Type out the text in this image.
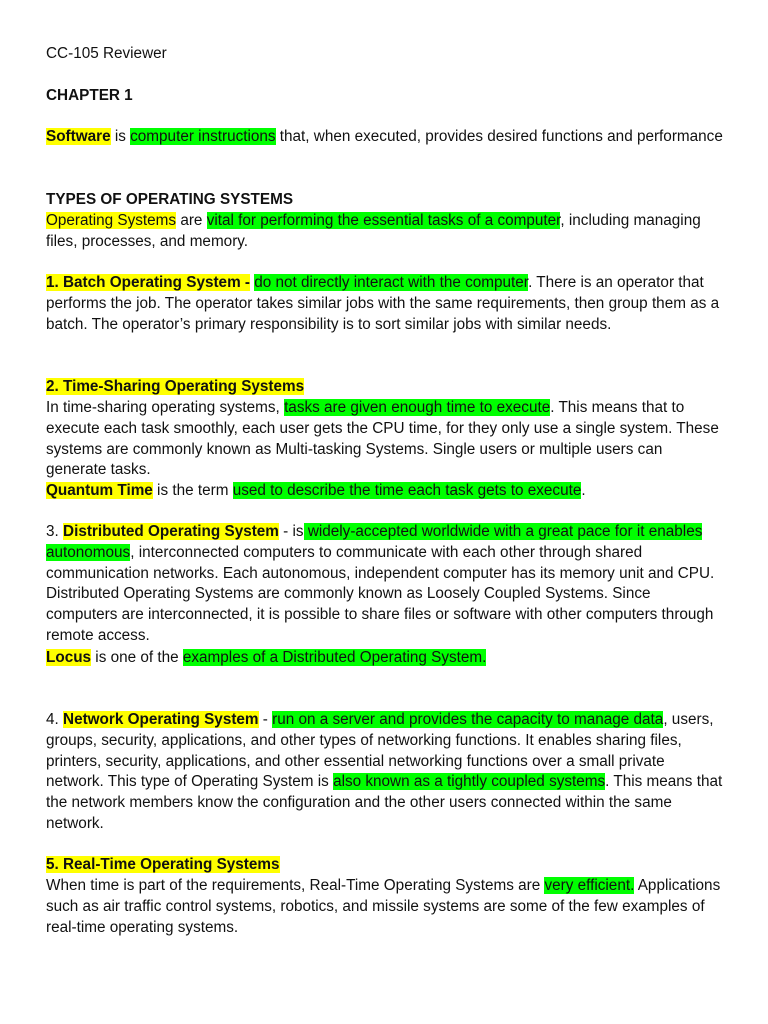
CC-105 Reviewer

CHAPTER 1

Software is computer instructions that, when executed, provides desired functions and performance

TYPES OF OPERATING SYSTEMS

Operating Systems are vital for performing the essential tasks of a computer, including managing files, processes, and memory.

1. Batch Operating System - do not directly interact with the computer. There is an operator that performs the job. The operator takes similar jobs with the same requirements, then group them as a batch. The operator’s primary responsibility is to sort similar jobs with similar needs.

2. Time-Sharing Operating Systems

In time-sharing operating systems, tasks are given enough time to execute. This means that to execute each task smoothly, each user gets the CPU time, for they only use a single system. These systems are commonly known as Multi-tasking Systems. Single users or multiple users can generate tasks.

Quantum Time is the term used to describe the time each task gets to execute.

3. Distributed Operating System - is widely-accepted worldwide with a great pace for it enables autonomous, interconnected computers to communicate with each other through shared communication networks. Each autonomous, independent computer has its memory unit and CPU. Distributed Operating Systems are commonly known as Loosely Coupled Systems. Since computers are interconnected, it is possible to share files or software with other computers through remote access.

Locus is one of the examples of a Distributed Operating System.

4. Network Operating System - run on a server and provides the capacity to manage data, users, groups, security, applications, and other types of networking functions. It enables sharing files, printers, security, applications, and other essential networking functions over a small private network. This type of Operating System is also known as a tightly coupled systems. This means that the network members know the configuration and the other users connected within the same network.

5. Real-Time Operating Systems

When time is part of the requirements, Real-Time Operating Systems are very efficient. Applications such as air traffic control systems, robotics, and missile systems are some of the few examples of real-time operating systems.
